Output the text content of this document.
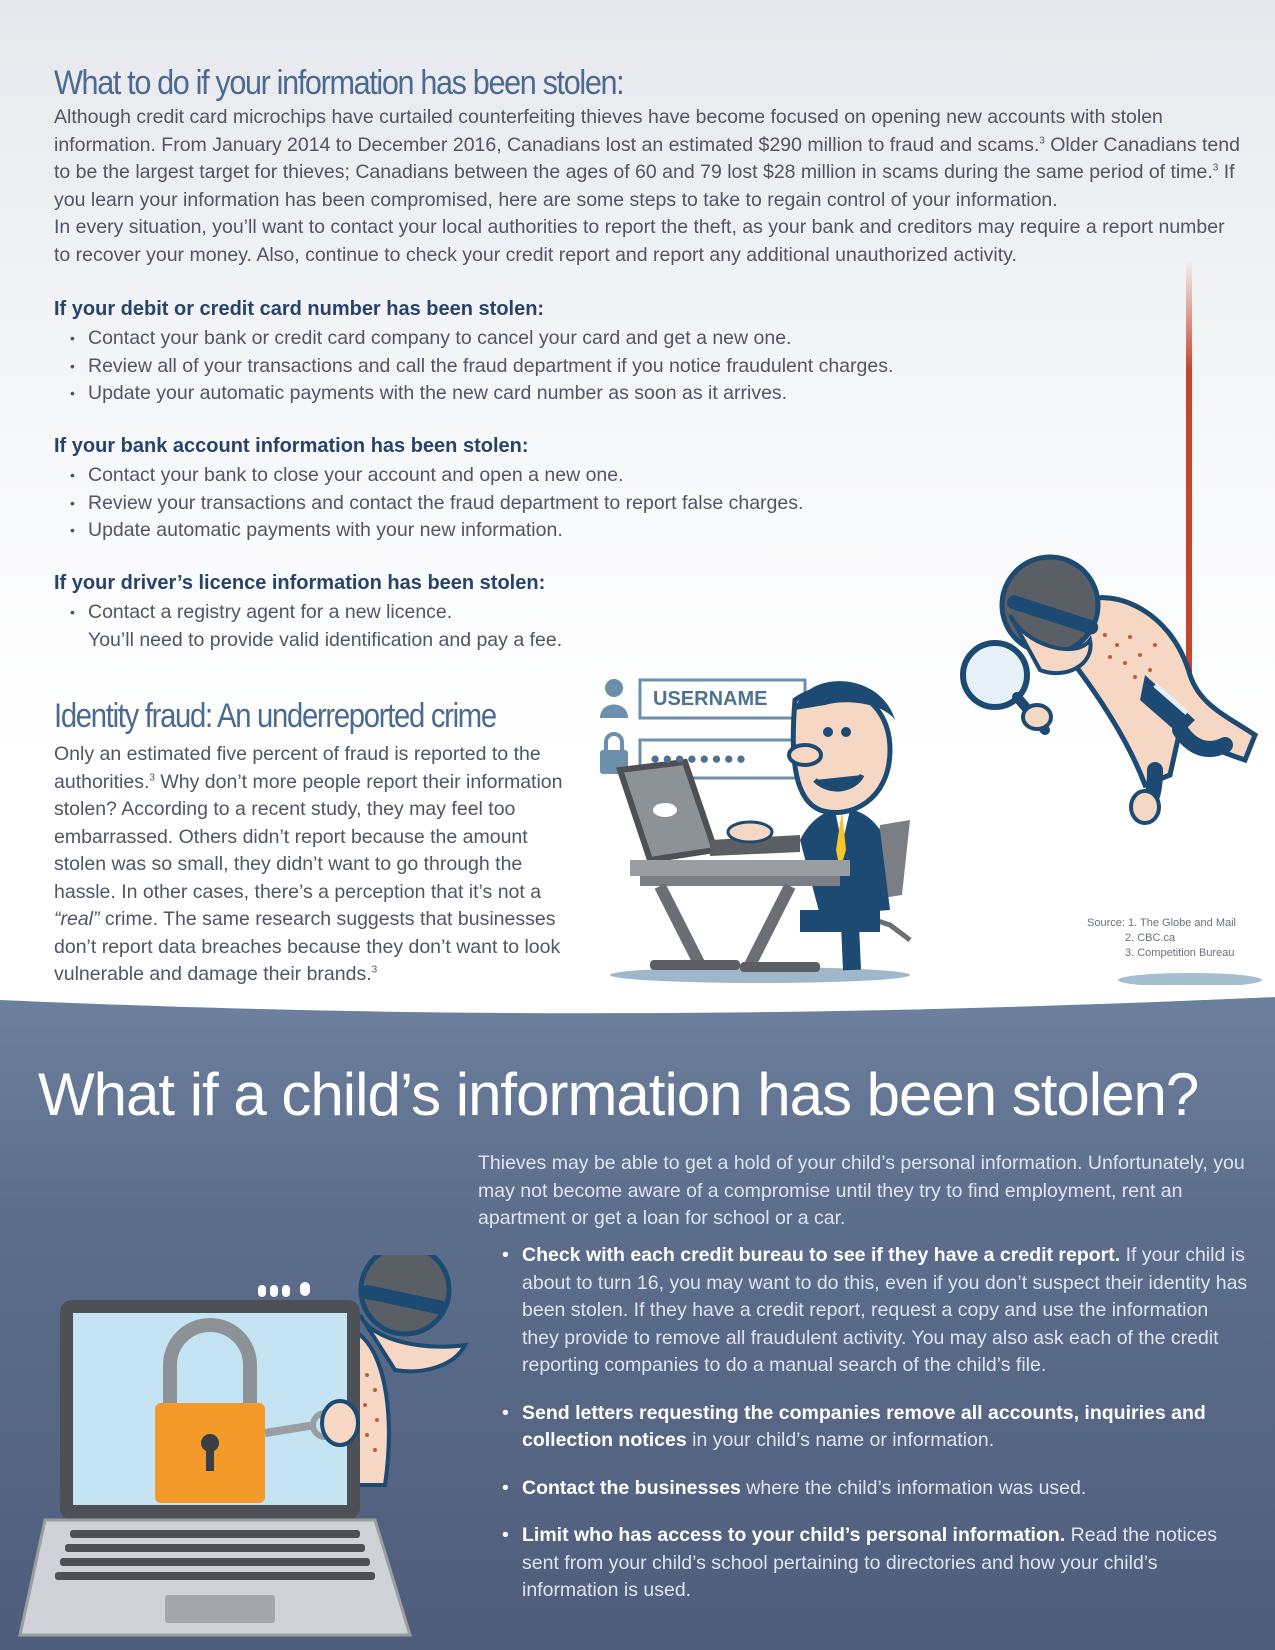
What to do if your information has been stolen:

Although credit card microchips have curtailed counterfeiting thieves have become focused on opening new accounts with stolen information. From January 2014 to December 2016, Canadians lost an estimated $290 million to fraud and scams.$^3$ Older Canadians tend to be the largest target for thieves; Canadians between the ages of 60 and 79 lost $28 million in scams during the same period of time.$^3$ If you learn your information has been compromised, here are some steps to take to regain control of your information.

In every situation, you’ll want to contact your local authorities to report the theft, as your bank and creditors may require a report number to recover your money. Also, continue to check your credit report and report any additional unauthorized activity.

If your debit or credit card number has been stolen:
• Contact your bank or credit card company to cancel your card and get a new one.
• Review all of your transactions and call the fraud department if you notice fraudulent charges.
• Update your automatic payments with the new card number as soon as it arrives.
If your bank account information has been stolen:
• Contact your bank to close your account and open a new one.
• Review your transactions and contact the fraud department to report false charges.
• Update automatic payments with your new information.
If your driver’s licence information has been stolen:
• Contact a registry agent for a new licence.
You’ll need to provide valid identification and pay a fee.
Identity fraud: An underreported crime

Only an estimated five percent of fraud is reported to the authorities.$^3$ Why don’t more people report their information stolen? According to a recent study, they may feel too embarrassed. Others didn’t report because the amount stolen was so small, they didn’t want to go through the hassle. In other cases, there’s a perception that it’s not a “real” crime. The same research suggests that businesses don’t report data breaches because they don’t want to look vulnerable and damage their brands.$^3$

USERNAME
●●●●●●●●
Source: 1. The Globe and Mail
2. CBC.ca
3. Competition Bureau
What if a child’s information has been stolen?

Thieves may be able to get a hold of your child’s personal information. Unfortunately, you may not become aware of a compromise until they try to find employment, rent an apartment or get a loan for school or a car.

• Check with each credit bureau to see if they have a credit report. If your child is about to turn 16, you may want to do this, even if you don’t suspect their identity has been stolen. If they have a credit report, request a copy and use the information they provide to remove all fraudulent activity. You may also ask each of the credit reporting companies to do a manual search of the child’s file.
• Send letters requesting the companies remove all accounts, inquiries and collection notices in your child’s name or information.
• Contact the businesses where the child’s information was used.
• Limit who has access to your child’s personal information. Read the notices sent from your child’s school pertaining to directories and how your child’s information is used.
